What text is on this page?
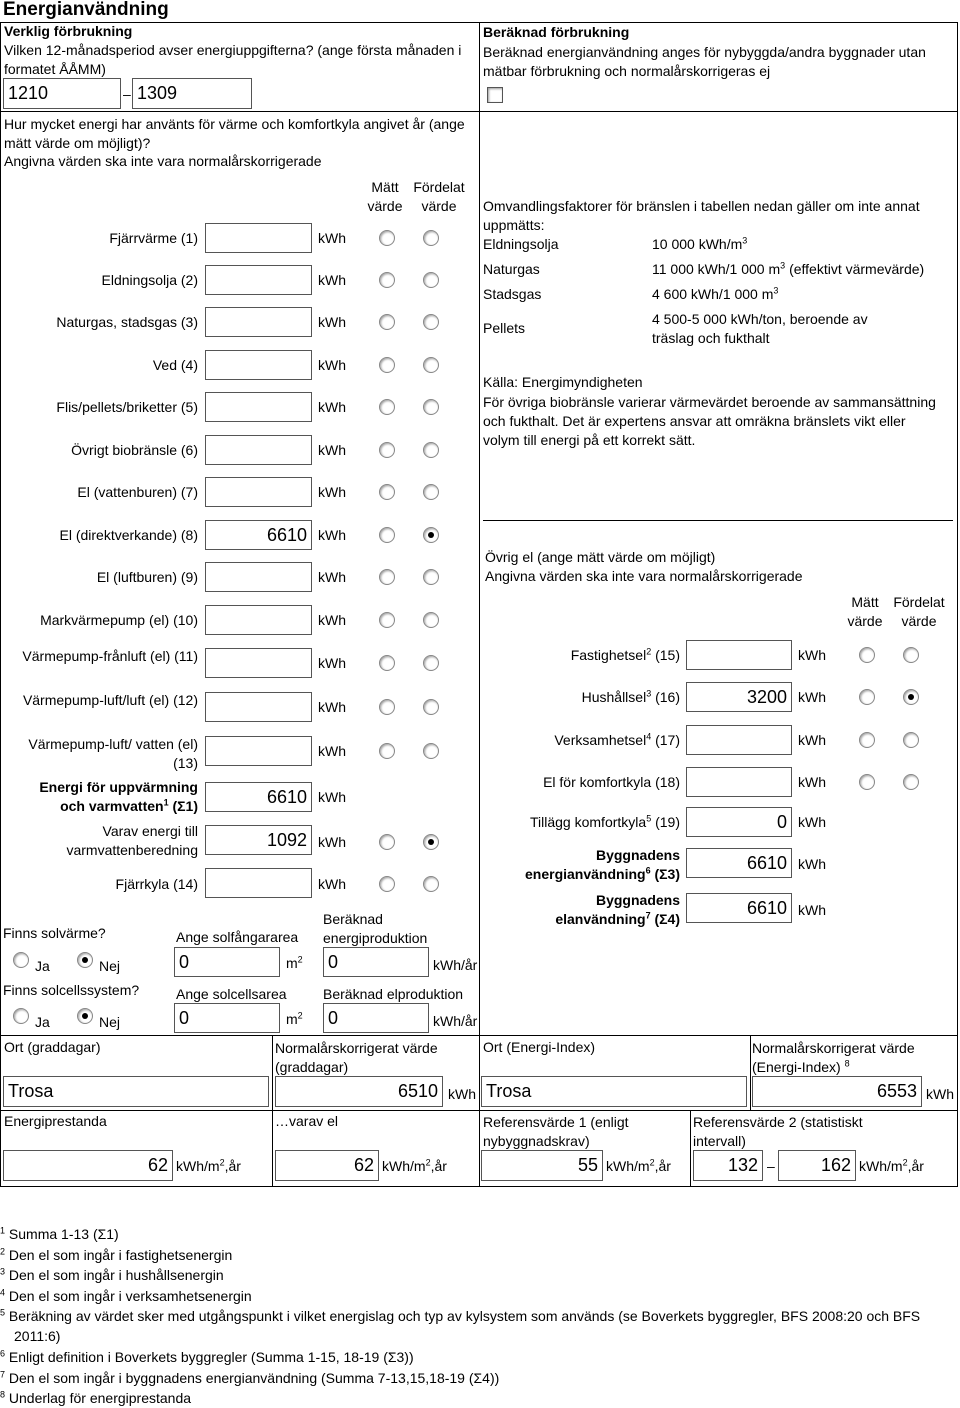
Energianvändning
Verklig förbrukning
Vilken 12-månadsperiod avser energiuppgifterna? (ange första månaden i formatet ÅÅMM)
1210	– 1309
Beräknad förbrukning
Beräknad energianvändning anges för nybyggda/andra byggnader utan mätbar förbrukning och normalårskorrigeras ej
Hur mycket energi har använts för värme och komfortkyla angivet år (ange mätt värde om möjligt)?
Angivna värden ska inte vara normalårskorrigerade
Mätt värde
Fördelat värde
Fjärrvärme (1)	kWh
Eldningsolja (2)	kWh
Naturgas, stadsgas (3)	kWh
Ved (4)	kWh
Flis/pellets/briketter (5)	kWh
Övrigt biobränsle (6)	kWh
El (vattenburen) (7)	kWh
El (direktverkande) (8)	6610 kWh
El (luftburen) (9)	kWh
Markvärmepump (el) (10)	kWh
Värmepump-frånluft (el) (11)	kWh
Värmepump-luft/luft (el) (12)	kWh
Värmepump-luft/ vatten (el) (13)
kWh
Energi för uppvärmning
och varmvatten$^1$ (Σ1)	6610 kWh
Varav energi till varmvattenberedning	1092 kWh
Fjärrkyla (14)	kWh
Finns solvärme?	Ange solfångararea
Beräknad energiproduktion
Ja	Nej	0	$m^2$ 0	kWh/år
Finns solcellssystem?	Ange solcellsarea	Beräknad elproduktion
Ja	Nej	0	$m^2$ 0	kWh/år
Omvandlingsfaktorer för bränslen i tabellen nedan gäller om inte annat uppmätts:
Eldningsolja	10 000 kWh/$m^3$
Naturgas	11 000 kWh/1 000 $m^3$ (effektivt värmevärde)
Stadsgas	4 600 kWh/1 000 $m^3$
Pellets
4 500-5 000 kWh/ton, beroende av träslag och fukthalt
Källa: Energimyndigheten
För övriga biobränsle varierar värmevärdet beroende av sammansättning och fukthalt. Det är expertens ansvar att omräkna bränslets vikt eller volym till energi på ett korrekt sätt.
Övrig el (ange mätt värde om möjligt)
Angivna värden ska inte vara normalårskorrigerade
Mätt värde
Fördelat värde
Fastighetsel$^2$ (15)	kWh
Hushållsel$^3$ (16)	3200 kWh
Verksamhetsel$^4$ (17)	kWh
El för komfortkyla (18)	kWh
Tillägg komfortkyla$^5$ (19)	0 kWh
Byggnadens
energianvändning$^6$ (Σ3)
6610 kWh
Byggnadens
elanvändning$^7$ (Σ4)
6610 kWh
Ort (graddagar)
Trosa
Normalårskorrigerat värde (graddagar)
6510 kWh
Ort (Energi-Index)
Trosa
Normalårskorrigerat värde (Energi-Index) $^8$
6553 kWh
Energiprestanda
62 kWh/$m^2,år$
…varav el
62 kWh/$m^2,år$
Referensvärde 1 (enligt nybyggnadskrav)
55 kWh/$m^2,år$
Referensvärde 2 (statistiskt intervall)
132 –	162 kWh/$m^2,år$
$^1$ Summa 1-13 (Σ1)
$^2$ Den el som ingår i fastighetsenergin
$^3$ Den el som ingår i hushållsenergin
$^4$ Den el som ingår i verksamhetsenergin
$^5$ Beräkning av värdet sker med utgångspunkt i vilket energislag och typ av kylsystem som används (se Boverkets byggregler, BFS 2008:20 och BFS 2011:6)
$^6$ Enligt definition i Boverkets byggregler (Summa 1-15, 18-19 (Σ3))
$^7$ Den el som ingår i byggnadens energianvändning (Summa 7-13,15,18-19 (Σ4))
$^8$ Underlag för energiprestanda
